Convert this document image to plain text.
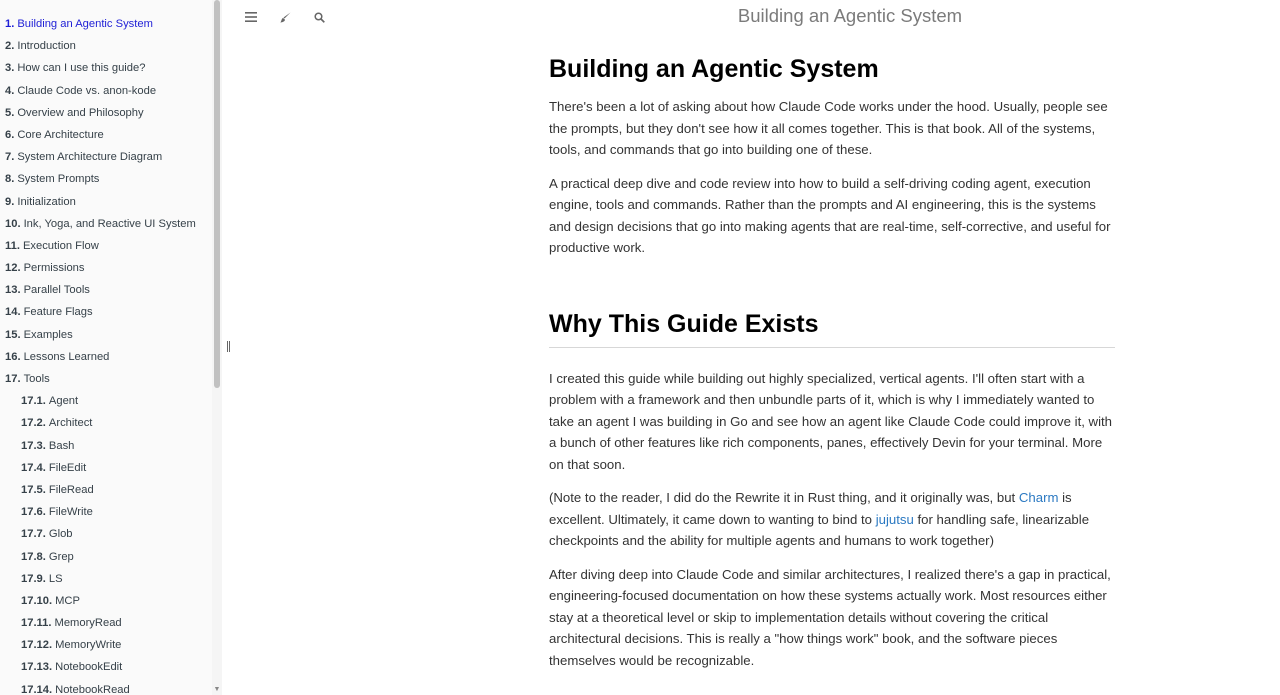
1. Building an Agentic System
2. Introduction
3. How can I use this guide?
4. Claude Code vs. anon-kode
5. Overview and Philosophy
6. Core Architecture
7. System Architecture Diagram
8. System Prompts
9. Initialization
10. Ink, Yoga, and Reactive UI System
11. Execution Flow
12. Permissions
13. Parallel Tools
14. Feature Flags
15. Examples
16. Lessons Learned
17. Tools
17.1. Agent
17.2. Architect
17.3. Bash
17.4. FileEdit
17.5. FileRead
17.6. FileWrite
17.7. Glob
17.8. Grep
17.9. LS
17.10. MCP
17.11. MemoryRead
17.12. MemoryWrite
17.13. NotebookEdit
17.14. NotebookRead	▼
Building an Agentic System
Building an Agentic System

There's been a lot of asking about how Claude Code works under the hood. Usually, people see the prompts, but they don't see how it all comes together. This is that book. All of the systems, tools, and commands that go into building one of these.

A practical deep dive and code review into how to build a self-driving coding agent, execution engine, tools and commands. Rather than the prompts and AI engineering, this is the systems and design decisions that go into making agents that are real-time, self-corrective, and useful for productive work.

Why This Guide Exists

I created this guide while building out highly specialized, vertical agents. I'll often start with a problem with a framework and then unbundle parts of it, which is why I immediately wanted to take an agent I was building in Go and see how an agent like Claude Code could improve it, with a bunch of other features like rich components, panes, effectively Devin for your terminal. More on that soon.

(Note to the reader, I did do the Rewrite it in Rust thing, and it originally was, but Charm is excellent. Ultimately, it came down to wanting to bind to jujutsu for handling safe, linearizable checkpoints and the ability for multiple agents and humans to work together)

After diving deep into Claude Code and similar architectures, I realized there's a gap in practical, engineering-focused documentation on how these systems actually work. Most resources either stay at a theoretical level or skip to implementation details without covering the critical architectural decisions. This is really a "how things work" book, and the software pieces themselves would be recognizable.
